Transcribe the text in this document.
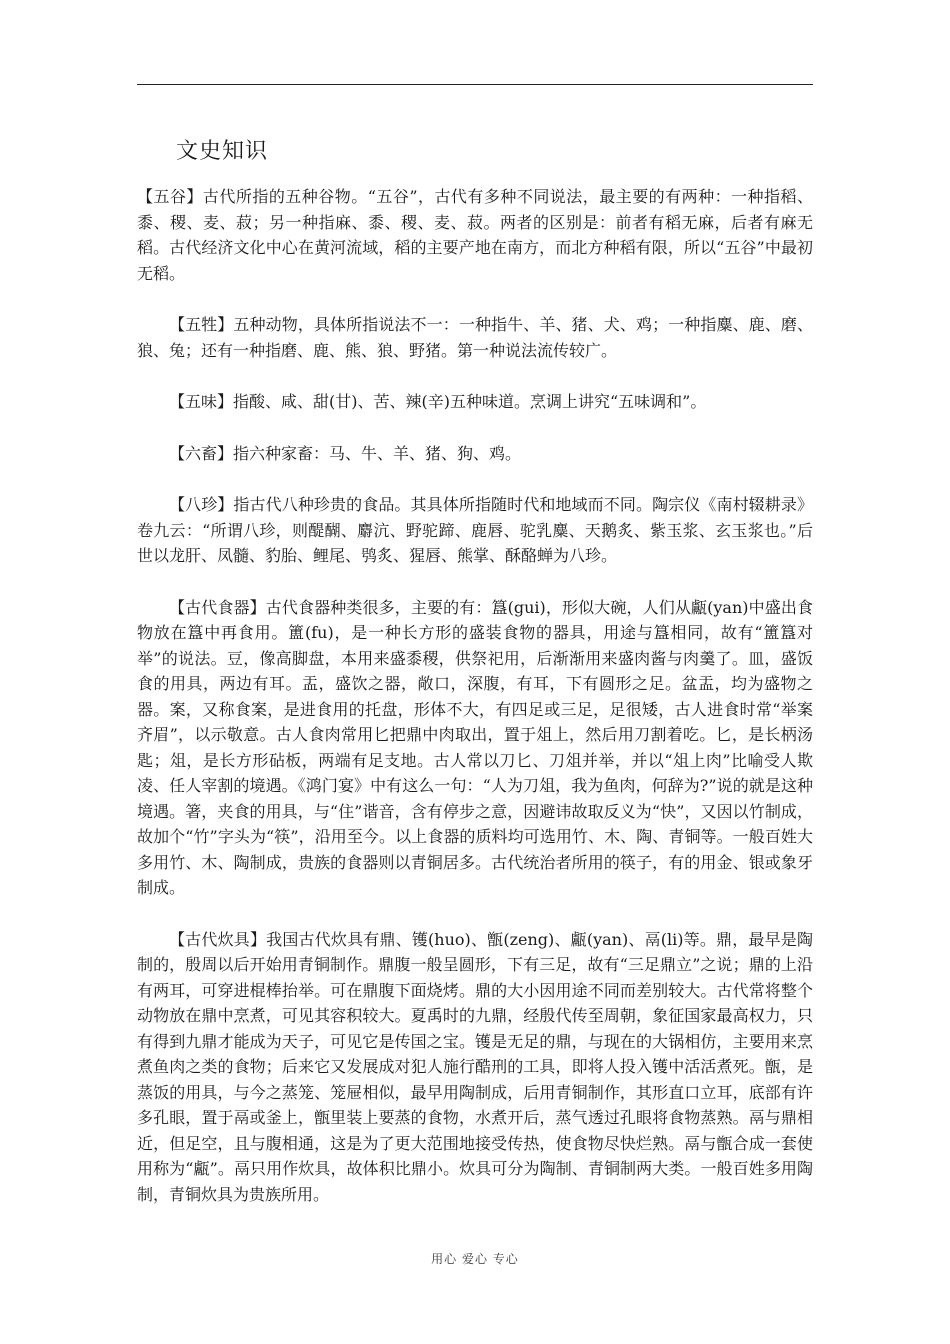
文史知识

【五谷】古代所指的五种谷物。“五谷”，古代有多种不同说法，最主要的有两种：一种指稻、黍、稷、麦、菽；另一种指麻、黍、稷、麦、菽。两者的区别是：前者有稻无麻，后者有麻无稻。古代经济文化中心在黄河流域，稻的主要产地在南方，而北方种稻有限，所以“五谷”中最初无稻。

【五牲】五种动物，具体所指说法不一：一种指牛、羊、猪、犬、鸡；一种指麋、鹿、磨、狼、兔；还有一种指磨、鹿、熊、狼、野猪。第一种说法流传较广。

【五味】指酸、咸、甜(甘)、苦、辣(辛)五种味道。烹调上讲究“五味调和”。

【六畜】指六种家畜：马、牛、羊、猪、狗、鸡。

【八珍】指古代八种珍贵的食品。其具体所指随时代和地域而不同。陶宗仪《南村辍耕录》卷九云：“所谓八珍，则醍醐、麝沆、野驼蹄、鹿唇、驼乳麋、天鹅炙、紫玉浆、玄玉浆也。”后世以龙肝、凤髓、豹胎、鲤尾、鸮炙、猩唇、熊掌、酥酪蝉为八珍。

【古代食器】古代食器种类很多，主要的有：簋(gui)，形似大碗，人们从甗(yan)中盛出食物放在簋中再食用。簠(fu)，是一种长方形的盛装食物的器具，用途与簋相同，故有“簠簋对举”的说法。豆，像高脚盘，本用来盛黍稷，供祭祀用，后渐渐用来盛肉酱与肉羹了。皿，盛饭食的用具，两边有耳。盂，盛饮之器，敞口，深腹，有耳，下有圆形之足。盆盂，均为盛物之器。案，又称食案，是进食用的托盘，形体不大，有四足或三足，足很矮，古人进食时常“举案齐眉”，以示敬意。古人食肉常用匕把鼎中肉取出，置于俎上，然后用刀割着吃。匕，是长柄汤匙；俎，是长方形砧板，两端有足支地。古人常以刀匕、刀俎并举，并以“俎上肉”比喻受人欺凌、任人宰割的境遇。《鸿门宴》中有这么一句：“人为刀俎，我为鱼肉，何辞为?”说的就是这种境遇。箸，夹食的用具，与“住”谐音，含有停步之意，因避讳故取反义为“快”，又因以竹制成，故加个“竹”字头为“筷”，沿用至今。以上食器的质料均可选用竹、木、陶、青铜等。一般百姓大多用竹、木、陶制成，贵族的食器则以青铜居多。古代统治者所用的筷子，有的用金、银或象牙制成。

【古代炊具】我国古代炊具有鼎、镬(huo)、甑(zeng)、甗(yan)、鬲(li)等。鼎，最早是陶制的，殷周以后开始用青铜制作。鼎腹一般呈圆形，下有三足，故有“三足鼎立”之说；鼎的上沿有两耳，可穿进棍棒抬举。可在鼎腹下面烧烤。鼎的大小因用途不同而差别较大。古代常将整个动物放在鼎中烹煮，可见其容积较大。夏禹时的九鼎，经殷代传至周朝，象征国家最高权力，只有得到九鼎才能成为天子，可见它是传国之宝。镬是无足的鼎，与现在的大锅相仿，主要用来烹煮鱼肉之类的食物；后来它又发展成对犯人施行酷刑的工具，即将人投入镬中活活煮死。甑，是蒸饭的用具，与今之蒸笼、笼屉相似，最早用陶制成，后用青铜制作，其形直口立耳，底部有许多孔眼，置于鬲或釜上，甑里装上要蒸的食物，水煮开后，蒸气透过孔眼将食物蒸熟。鬲与鼎相近，但足空，且与腹相通，这是为了更大范围地接受传热，使食物尽快烂熟。鬲与甑合成一套使用称为“甗”。鬲只用作炊具，故体积比鼎小。炊具可分为陶制、青铜制两大类。一般百姓多用陶制，青铜炊具为贵族所用。

用心 爱心 专心
